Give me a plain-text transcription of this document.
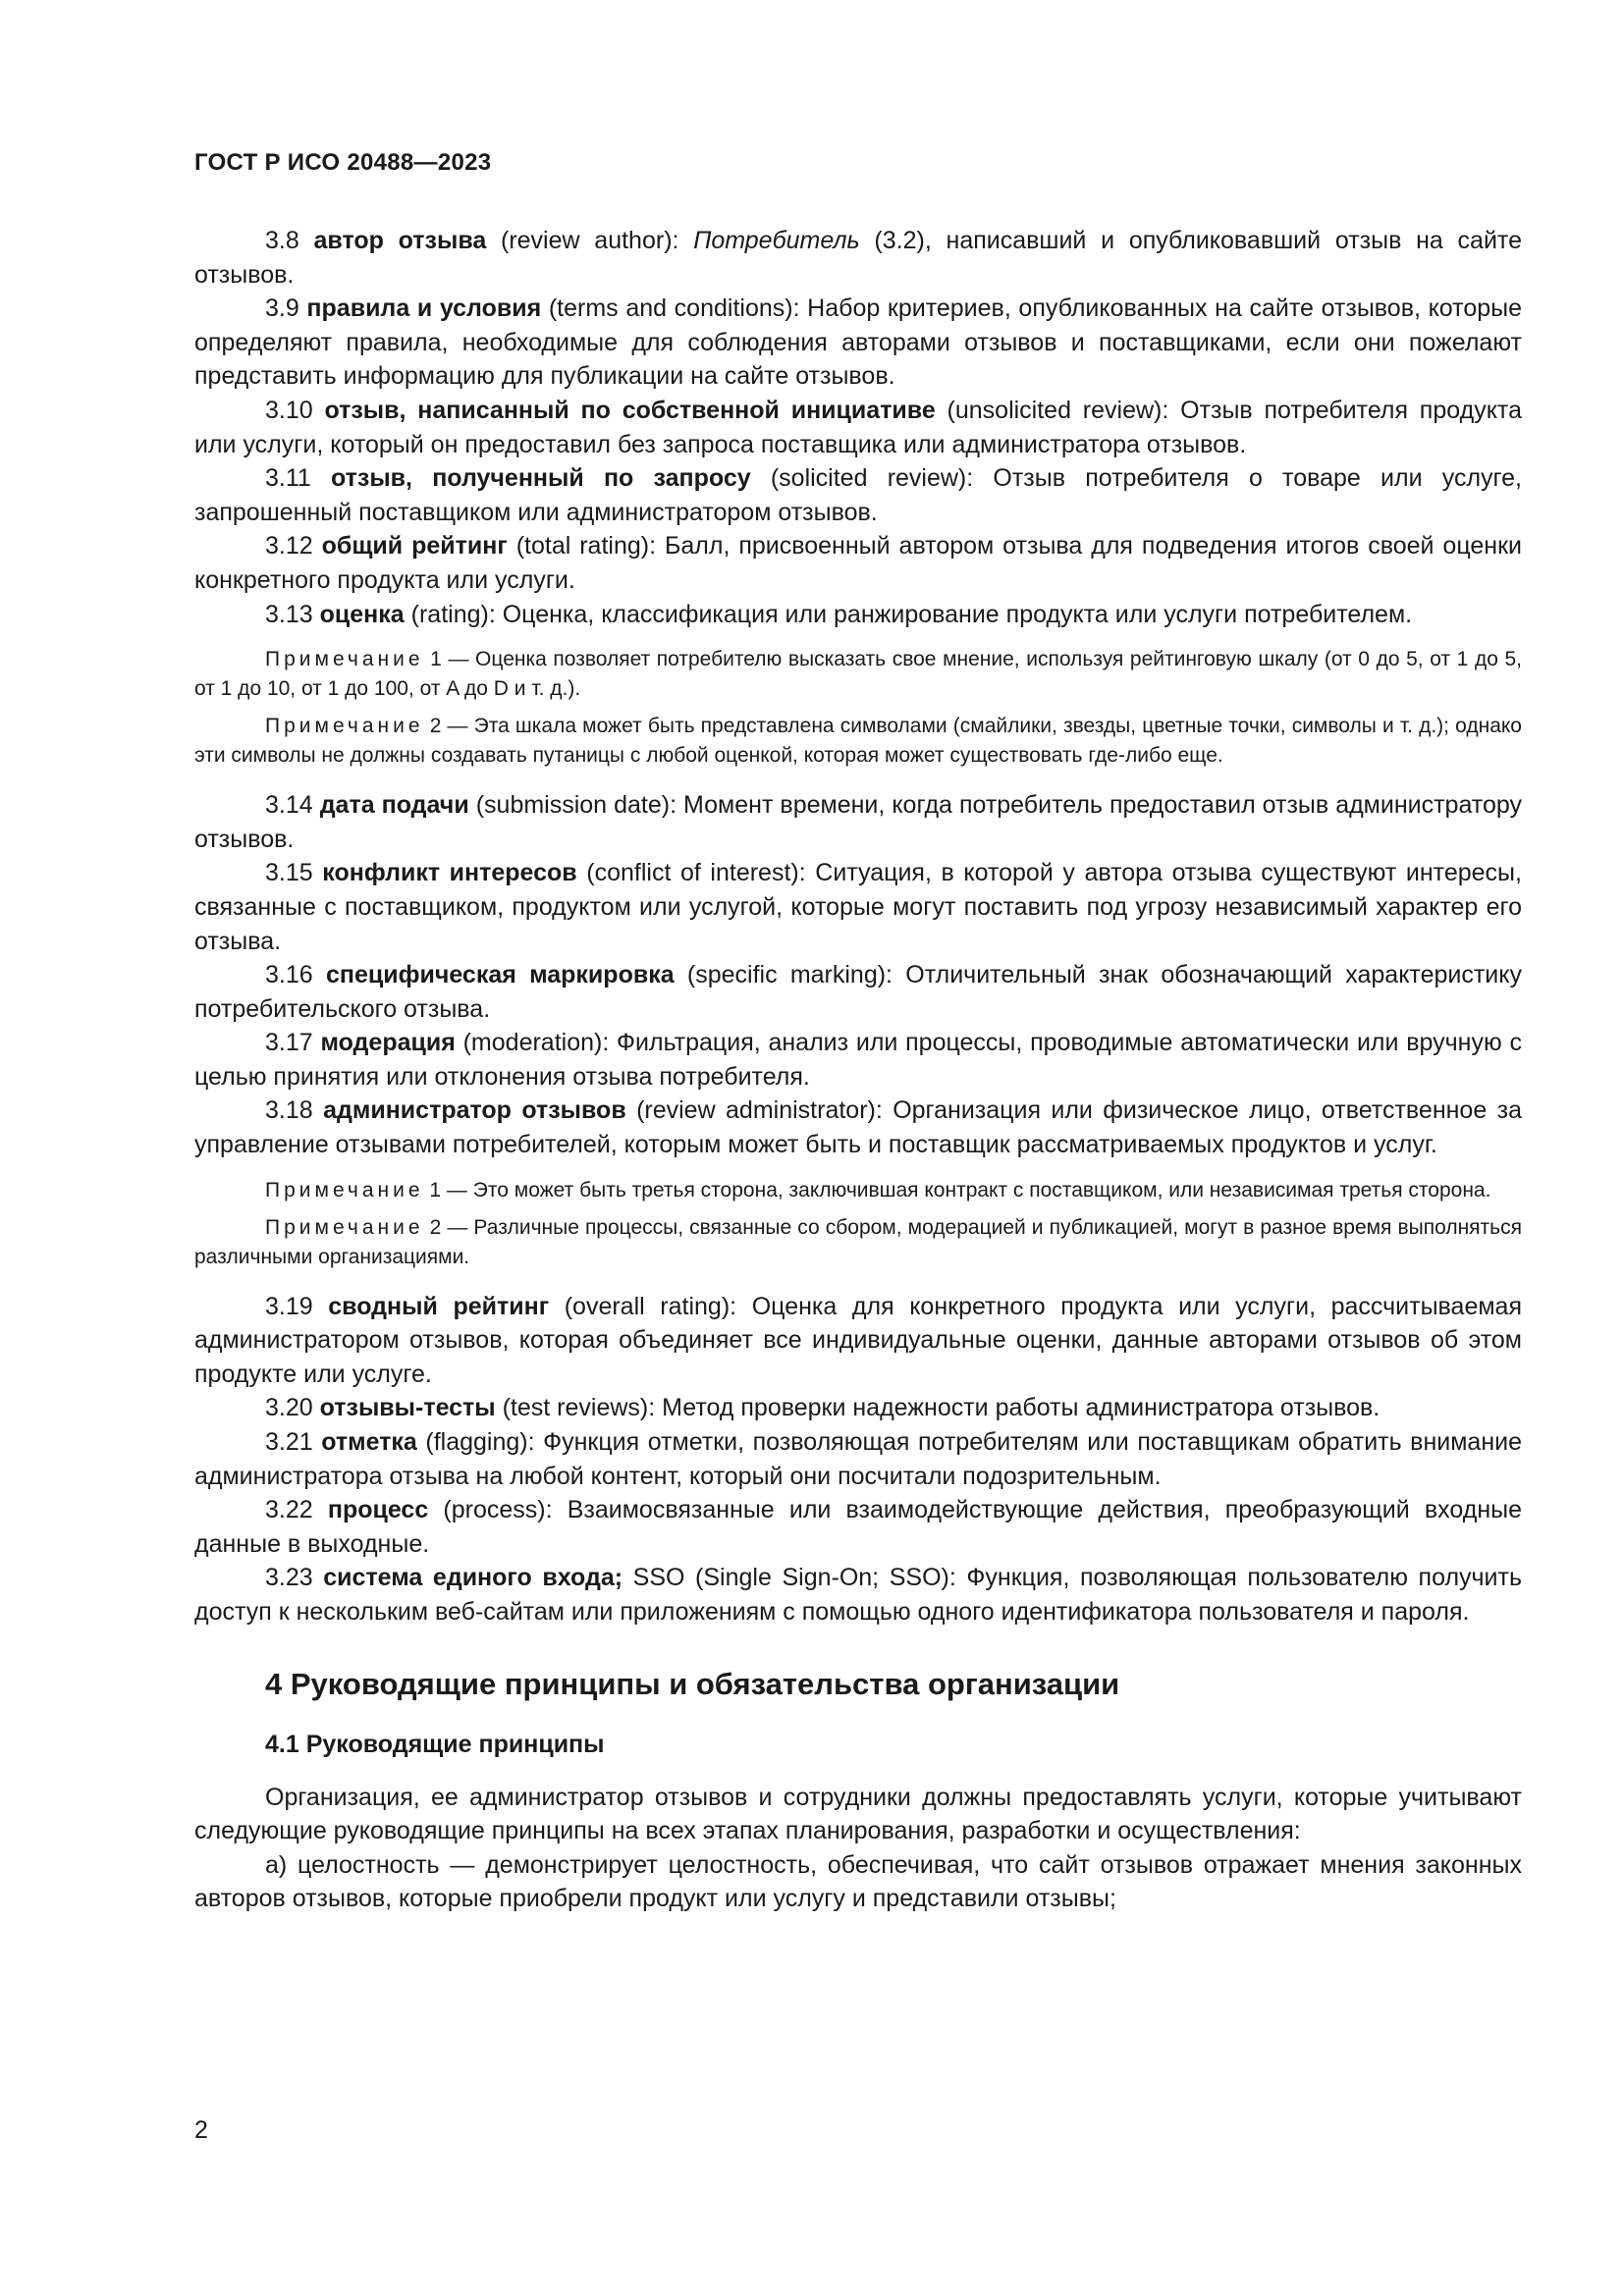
ГОСТ Р ИСО 20488—2023

3.8 автор отзыва (review author): Потребитель (3.2), написавший и опубликовавший отзыв на сайте отзывов.

3.9 правила и условия (terms and conditions): Набор критериев, опубликованных на сайте отзывов, которые определяют правила, необходимые для соблюдения авторами отзывов и поставщиками, если они пожелают представить информацию для публикации на сайте отзывов.

3.10 отзыв, написанный по собственной инициативе (unsolicited review): Отзыв потребителя продукта или услуги, который он предоставил без запроса поставщика или администратора отзывов.

3.11 отзыв, полученный по запросу (solicited review): Отзыв потребителя о товаре или услуге, запрошенный поставщиком или администратором отзывов.

3.12 общий рейтинг (total rating): Балл, присвоенный автором отзыва для подведения итогов своей оценки конкретного продукта или услуги.

3.13 оценка (rating): Оценка, классификация или ранжирование продукта или услуги потребителем.

Примечание 1 — Оценка позволяет потребителю высказать свое мнение, используя рейтинговую шкалу (от 0 до 5, от 1 до 5, от 1 до 10, от 1 до 100, от A до D и т. д.).

Примечание 2 — Эта шкала может быть представлена символами (смайлики, звезды, цветные точки, символы и т. д.); однако эти символы не должны создавать путаницы с любой оценкой, которая может существовать где-либо еще.

3.14 дата подачи (submission date): Момент времени, когда потребитель предоставил отзыв администратору отзывов.

3.15 конфликт интересов (conflict of interest): Ситуация, в которой у автора отзыва существуют интересы, связанные с поставщиком, продуктом или услугой, которые могут поставить под угрозу независимый характер его отзыва.

3.16 специфическая маркировка (specific marking): Отличительный знак обозначающий характеристику потребительского отзыва.

3.17 модерация (moderation): Фильтрация, анализ или процессы, проводимые автоматически или вручную с целью принятия или отклонения отзыва потребителя.

3.18 администратор отзывов (review administrator): Организация или физическое лицо, ответственное за управление отзывами потребителей, которым может быть и поставщик рассматриваемых продуктов и услуг.

Примечание 1 — Это может быть третья сторона, заключившая контракт с поставщиком, или независимая третья сторона.

Примечание 2 — Различные процессы, связанные со сбором, модерацией и публикацией, могут в разное время выполняться различными организациями.

3.19 сводный рейтинг (overall rating): Оценка для конкретного продукта или услуги, рассчитываемая администратором отзывов, которая объединяет все индивидуальные оценки, данные авторами отзывов об этом продукте или услуге.

3.20 отзывы-тесты (test reviews): Метод проверки надежности работы администратора отзывов.

3.21 отметка (flagging): Функция отметки, позволяющая потребителям или поставщикам обратить внимание администратора отзыва на любой контент, который они посчитали подозрительным.

3.22 процесс (process): Взаимосвязанные или взаимодействующие действия, преобразующий входные данные в выходные.

3.23 система единого входа; SSO (Single Sign-On; SSO): Функция, позволяющая пользователю получить доступ к нескольким веб-сайтам или приложениям с помощью одного идентификатора пользователя и пароля.

4 Руководящие принципы и обязательства организации
4.1 Руководящие принципы

Организация, ее администратор отзывов и сотрудники должны предоставлять услуги, которые учитывают следующие руководящие принципы на всех этапах планирования, разработки и осуществления:

а) целостность — демонстрирует целостность, обеспечивая, что сайт отзывов отражает мнения законных авторов отзывов, которые приобрели продукт или услугу и представили отзывы;

2
